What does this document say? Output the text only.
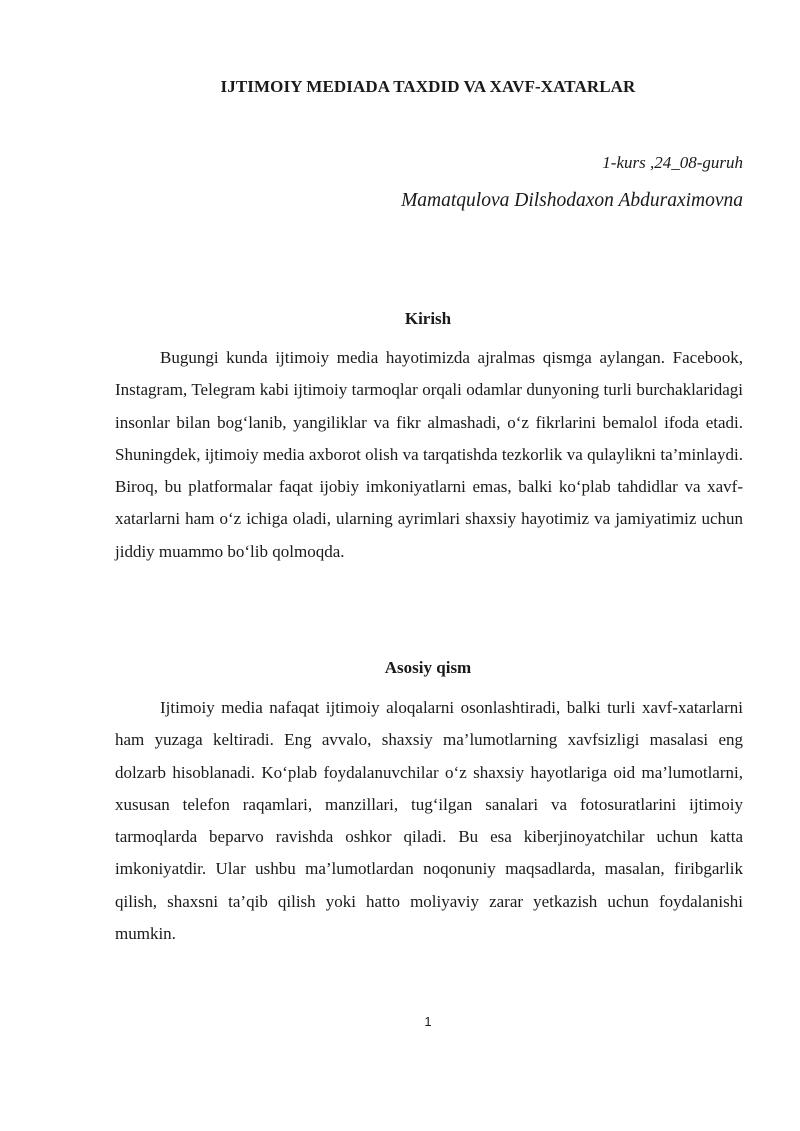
IJTIMOIY MEDIADA TAXDID VA XAVF-XATARLAR
1-kurs ,24_08-guruh
Mamatqulova Dilshodaxon Abduraximovna
Kirish

Bugungi kunda ijtimoiy media hayotimizda ajralmas qismga aylangan. Facebook, Instagram, Telegram kabi ijtimoiy tarmoqlar orqali odamlar dunyoning turli burchaklaridagi insonlar bilan bog‘lanib, yangiliklar va fikr almashadi, o‘z fikrlarini bemalol ifoda etadi. Shuningdek, ijtimoiy media axborot olish va tarqatishda tezkorlik va qulaylikni ta’minlaydi. Biroq, bu platformalar faqat ijobiy imkoniyatlarni emas, balki ko‘plab tahdidlar va xavf-xatarlarni ham o‘z ichiga oladi, ularning ayrimlari shaxsiy hayotimiz va jamiyatimiz uchun jiddiy muammo bo‘lib qolmoqda.

Asosiy qism

Ijtimoiy media nafaqat ijtimoiy aloqalarni osonlashtiradi, balki turli xavf-xatarlarni ham yuzaga keltiradi. Eng avvalo, shaxsiy ma’lumotlarning xavfsizligi masalasi eng dolzarb hisoblanadi. Ko‘plab foydalanuvchilar o‘z shaxsiy hayotlariga oid ma’lumotlarni, xususan telefon raqamlari, manzillari, tug‘ilgan sanalari va fotosuratlarini ijtimoiy tarmoqlarda beparvo ravishda oshkor qiladi. Bu esa kiberjinoyatchilar uchun katta imkoniyatdir. Ular ushbu ma’lumotlardan noqonuniy maqsadlarda, masalan, firibgarlik qilish, shaxsni ta’qib qilish yoki hatto moliyaviy zarar yetkazish uchun foydalanishi mumkin.

1
